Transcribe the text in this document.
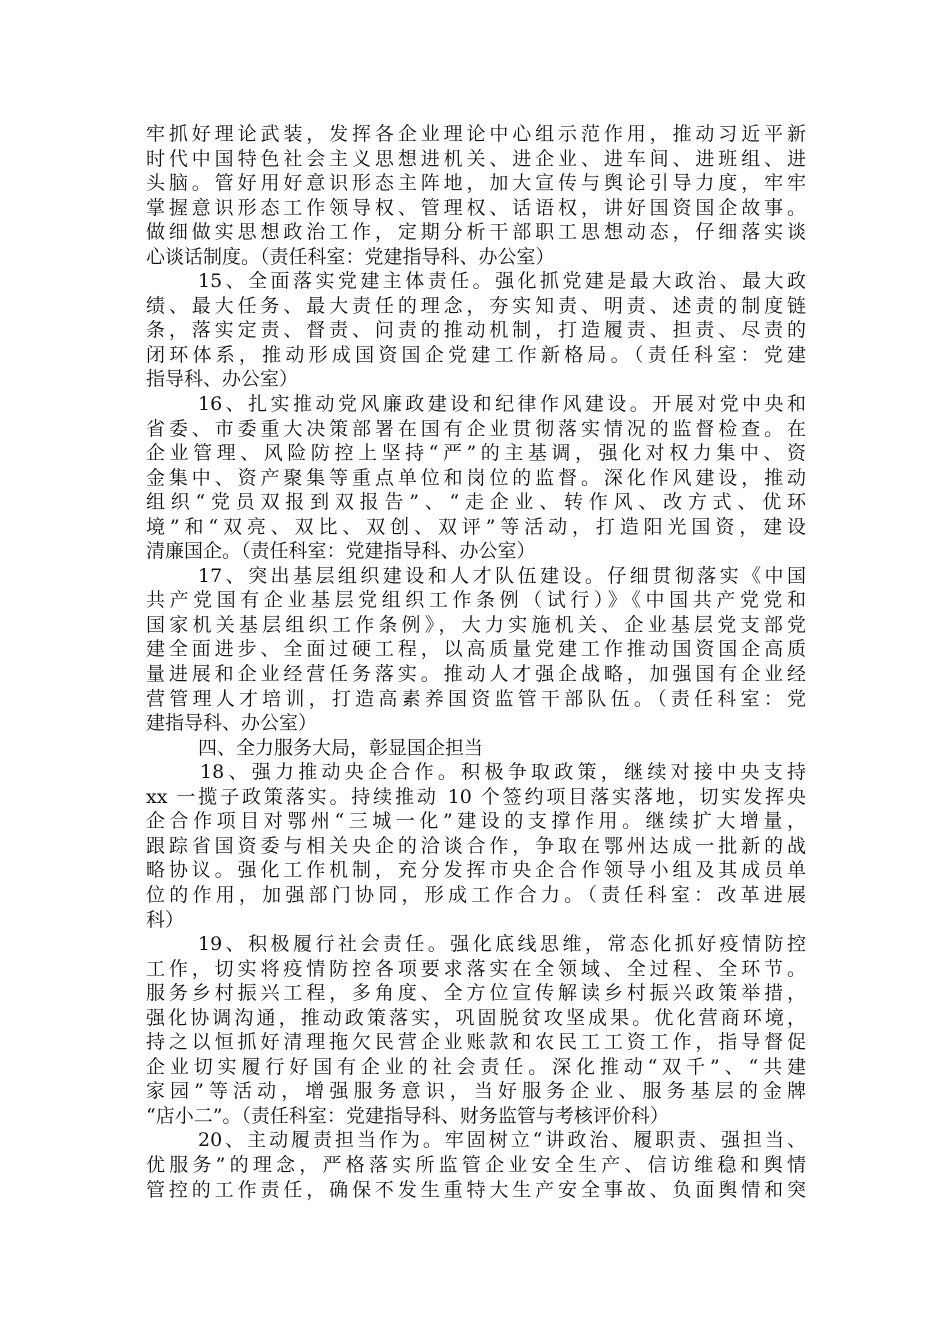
牢抓好理论武装，发挥各企业理论中心组示范作用，推动习近平新
时代中国特色社会主义思想进机关、进企业、进车间、进班组、进
头脑。管好用好意识形态主阵地，加大宣传与舆论引导力度，牢牢
掌握意识形态工作领导权、管理权、话语权，讲好国资国企故事。
做细做实思想政治工作，定期分析干部职工思想动态，仔细落实谈
心谈话制度。（责任科室：党建指导科、办公室）
15、全面落实党建主体责任。强化抓党建是最大政治、最大政
绩、最大任务、最大责任的理念，夯实知责、明责、述责的制度链
条，落实定责、督责、问责的推动机制，打造履责、担责、尽责的
闭环体系，推动形成国资国企党建工作新格局。（责任科室：党建
指导科、办公室）
16、扎实推动党风廉政建设和纪律作风建设。开展对党中央和
省委、市委重大决策部署在国有企业贯彻落实情况的监督检查。在
企业管理、风险防控上坚持“严”的主基调，强化对权力集中、资
金集中、资产聚集等重点单位和岗位的监督。深化作风建设，推动
组织“党员双报到双报告”、“走企业、转作风、改方式、优环
境”和“双亮、双比、双创、双评”等活动，打造阳光国资，建设
清廉国企。（责任科室：党建指导科、办公室）
17、突出基层组织建设和人才队伍建设。仔细贯彻落实《中国
共产党国有企业基层党组织工作条例（试行）》《中国共产党党和
国家机关基层组织工作条例》，大力实施机关、企业基层党支部党
建全面进步、全面过硬工程，以高质量党建工作推动国资国企高质
量进展和企业经营任务落实。推动人才强企战略，加强国有企业经
营管理人才培训，打造高素养国资监管干部队伍。（责任科室：党
建指导科、办公室）
四、全力服务大局，彰显国企担当
18、强力推动央企合作。积极争取政策，继续对接中央支持
xx 一揽子政策落实。持续推动 10 个签约项目落实落地，切实发挥央
企合作项目对鄂州“三城一化”建设的支撑作用。继续扩大增量，
跟踪省国资委与相关央企的洽谈合作，争取在鄂州达成一批新的战
略协议。强化工作机制，充分发挥市央企合作领导小组及其成员单
位的作用，加强部门协同，形成工作合力。（责任科室：改革进展
科）
19、积极履行社会责任。强化底线思维，常态化抓好疫情防控
工作，切实将疫情防控各项要求落实在全领域、全过程、全环节。
服务乡村振兴工程，多角度、全方位宣传解读乡村振兴政策举措，
强化协调沟通，推动政策落实，巩固脱贫攻坚成果。优化营商环境，
持之以恒抓好清理拖欠民营企业账款和农民工工资工作，指导督促
企业切实履行好国有企业的社会责任。深化推动“双千”、“共建
家园”等活动，增强服务意识，当好服务企业、服务基层的金牌
“店小二”。（责任科室：党建指导科、财务监管与考核评价科）
20、主动履责担当作为。牢固树立“讲政治、履职责、强担当、
优服务”的理念，严格落实所监管企业安全生产、信访维稳和舆情
管控的工作责任，确保不发生重特大生产安全事故、负面舆情和突
